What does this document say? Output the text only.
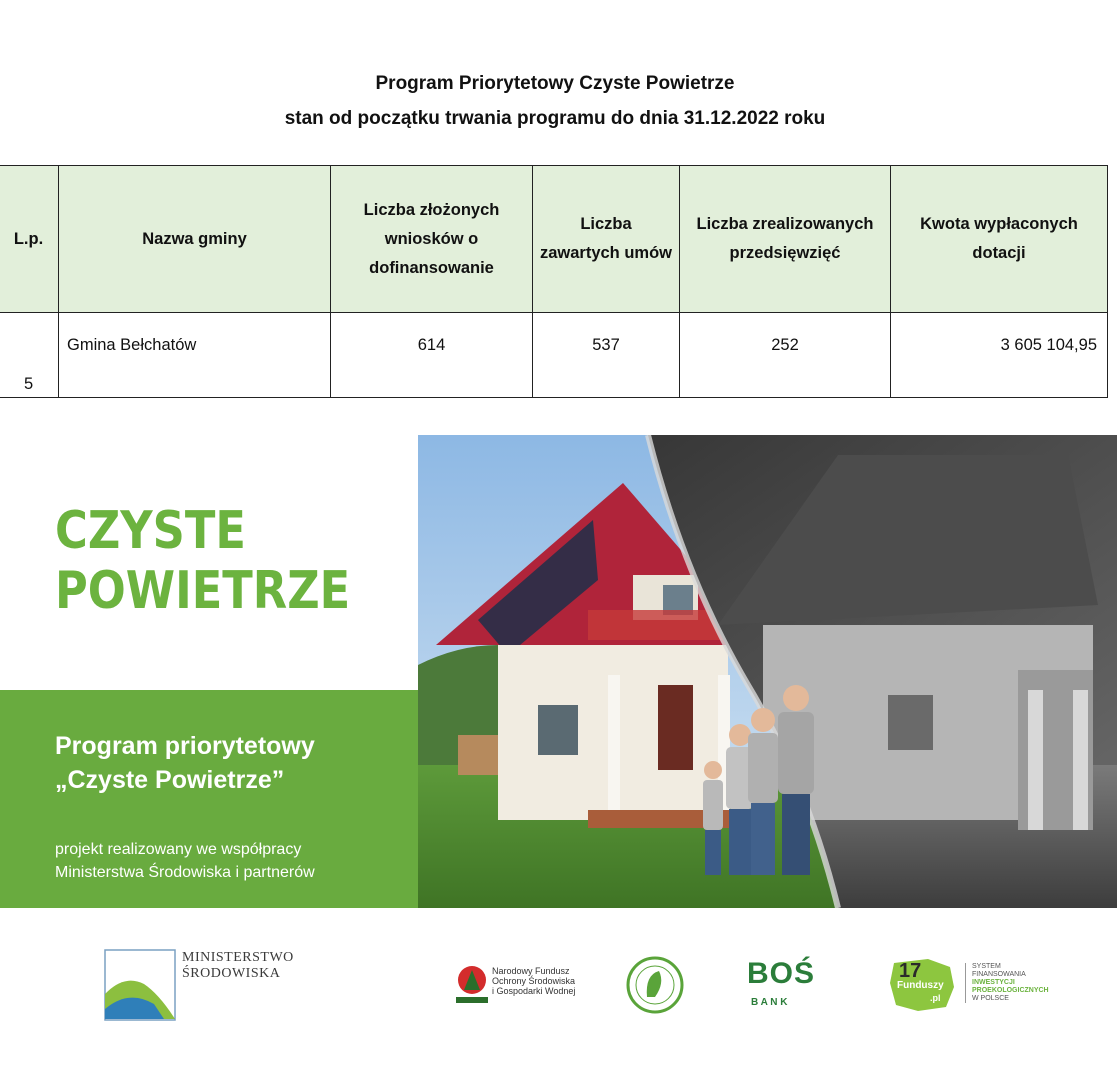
Program Priorytetowy Czyste Powietrze
stan od początku trwania programu do dnia 31.12.2022 roku
L.p.	Nazwa gminy	Liczba złożonych wniosków o dofinansowanie	Liczba zawartych umów	Liczba zrealizowanych przedsięwzięć	Kwota wypłaconych dotacji
5	Gmina Bełchatów	614	537	252	3 605 104,95
CZYSTE
POWIETRZE
Program priorytetowy
„Czyste Powietrze”
projekt realizowany we współpracy
Ministerstwa Środowiska i partnerów
MINISTERSTWO
ŚRODOWISKA	Narodowy Fundusz
Ochrony Środowiska
i Gospodarki Wodnej
BOŚ
B A N K
17
Funduszy
.pl
SYSTEM
FINANSOWANIA
INWESTYCJI
PROEKOLOGICZNYCH
W POLSCE
